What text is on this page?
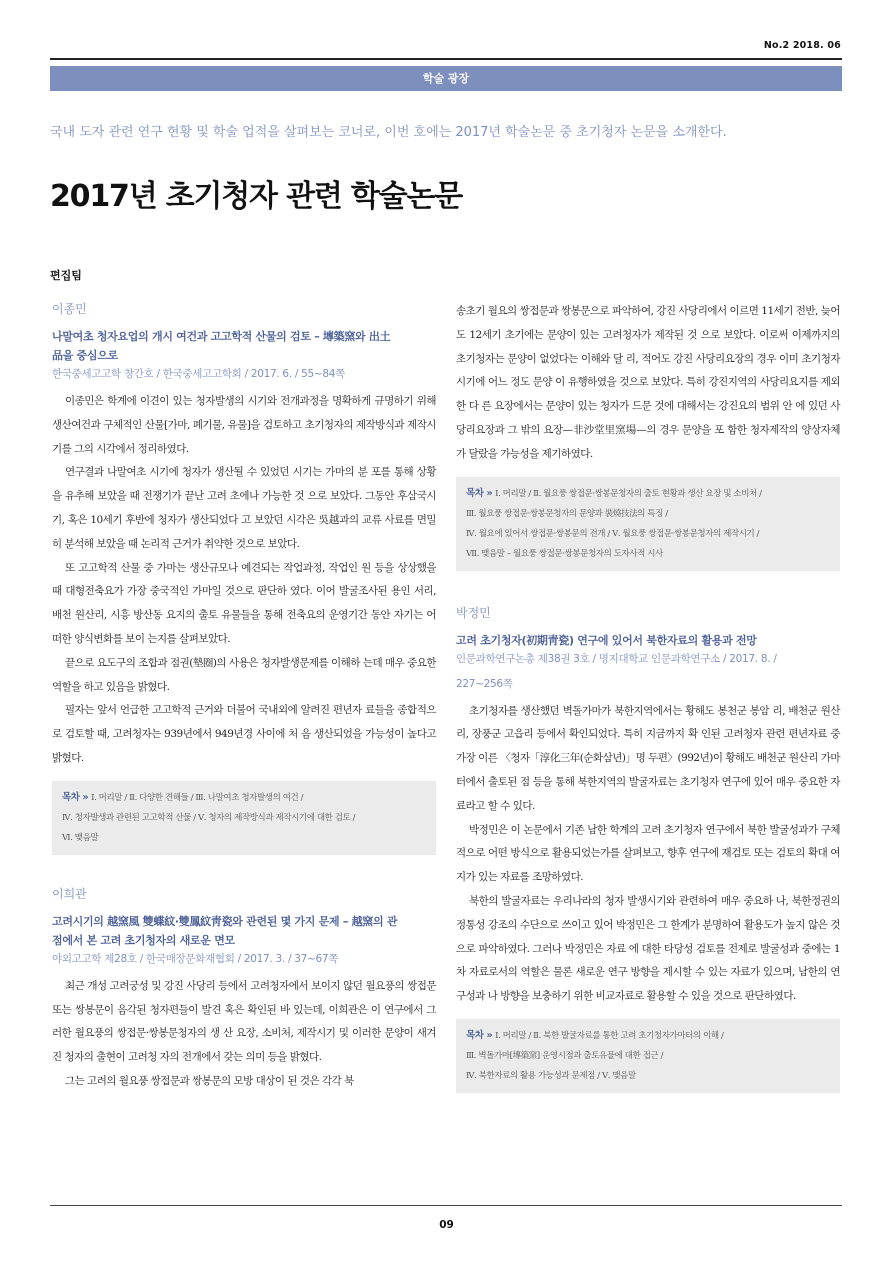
No.2 2018. 06
학술 광장
국내 도자 관련 연구 현황 및 학술 업적을 살펴보는 코너로, 이번 호에는 2017년 학술논문 중 초기청자 논문을 소개한다.
2017년 초기청자 관련 학술논문
편집팀
이종민
나말여초 청자요업의 개시 여건과 고고학적 산물의 검토 – 塼築窯와 出土
品을 중심으로
한국중세고고학 창간호 / 한국중세고고학회 / 2017. 6. / 55~84쪽

이종민은 학계에 이견이 있는 청자발생의 시기와 전개과정을 명확하게 규명하기 위해 생산여건과 구체적인 산물[가마, 폐기물, 유물]을 검토하고 초기청자의 제작방식과 제작시기를 그의 시각에서 정리하였다.

연구결과 나말여초 시기에 청자가 생산될 수 있었던 시기는 가마의 분 포를 통해 상황을 유추해 보았을 때 전쟁기가 끝난 고려 초에나 가능한 것 으로 보았다. 그동안 후삼국시기, 혹은 10세기 후반에 청자가 생산되었다 고 보았던 시각은 吳越과의 교류 사료를 면밀히 분석해 보았을 때 논리적 근거가 취약한 것으로 보았다.

또 고고학적 산물 중 가마는 생산규모나 예견되는 작업과정, 작업인 원 등을 상상했을 때 대형전축요가 가장 중국적인 가마일 것으로 판단하 였다. 이어 발굴조사된 용인 서리, 배천 원산리, 시흥 방산동 요지의 출토 유물들을 통해 전축요의 운영기간 동안 자기는 어떠한 양식변화를 보이 는지를 살펴보았다.

끝으로 요도구의 조합과 점권(墊圈)의 사용은 청자발생문제를 이해하 는데 매우 중요한 역할을 하고 있음을 밝혔다.

필자는 앞서 언급한 고고학적 근거와 더불어 국내외에 알려진 편년자 료들을 종합적으로 검토할 때, 고려청자는 939년에서 949년경 사이에 처 음 생산되었을 가능성이 높다고 밝혔다.

목차 » Ⅰ. 머리말 / Ⅱ. 다양한 견해들 / Ⅲ. 나말여초 청자발생의 여건 /
Ⅳ. 청자발생과 관련된 고고학적 산물 / Ⅴ. 청자의 제작방식과 제작시기에 대한 검토 /
Ⅵ. 맺음말
이희관
고려시기의 越窯風 雙蝶紋·雙鳳紋靑瓷와 관련된 몇 가지 문제 – 越窯의 관
점에서 본 고려 초기청자의 새로운 면모
야외고고학 제28호 / 한국매장문화재협회 / 2017. 3. / 37~67쪽

최근 개성 고려궁성 및 강진 사당리 등에서 고려청자에서 보이지 않던 월요풍의 쌍접문 또는 쌍봉문이 음각된 청자편들이 발견 혹은 확인된 바 있는데, 이희관은 이 연구에서 그러한 월요풍의 쌍접문·쌍봉문청자의 생 산 요장, 소비처, 제작시기 및 이러한 문양이 새겨진 청자의 출현이 고려청 자의 전개에서 갖는 의미 등을 밝혔다.

그는 고려의 월요풍 쌍접문과 쌍봉문의 모방 대상이 된 것은 각각 북

송초기 월요의 쌍접문과 쌍봉문으로 파악하여, 강진 사당리에서 이르면 11세기 전반, 늦어도 12세기 초기에는 문양이 있는 고려청자가 제작된 것 으로 보았다. 이로써 이제까지의 초기청자는 문양이 없었다는 이해와 달 리, 적어도 강진 사당리요장의 경우 이미 초기청자시기에 어느 정도 문양 이 유행하였을 것으로 보았다. 특히 강진지역의 사당리요지를 제외한 다 른 요장에서는 문양이 있는 청자가 드문 것에 대해서는 강진요의 범위 안 에 있던 사당리요장과 그 밖의 요장—非沙堂里窯場—의 경우 문양을 포 함한 청자제작의 양상자체가 달랐을 가능성을 제기하였다.

목차 » Ⅰ. 머리말 / Ⅱ. 월요풍 쌍접문·쌍봉문청자의 출토 현황과 생산 요장 및 소비처 /
Ⅲ. 월요풍 쌍접문·쌍봉문청자의 문양과 裝燒技法의 특징 /
Ⅳ. 월요에 있어서 쌍접문·쌍봉문의 전개 / Ⅴ. 월요풍 쌍접문·쌍봉문청자의 제작시기 /
Ⅶ. 맺음말 – 월요풍 쌍접문·쌍봉문청자의 도자사적 시사
박정민
고려 초기청자(初期靑瓷) 연구에 있어서 북한자료의 활용과 전망
인문과학연구논총 제38권 3호 / 명지대학교 인문과학연구소 / 2017. 8. /
227~256쪽

초기청자를 생산했던 벽돌가마가 북한지역에서는 황해도 봉천군 봉암 리, 배천군 원산리, 장풍군 고읍리 등에서 확인되었다. 특히 지금까지 확 인된 고려청자 관련 편년자료 중 가장 이른 〈청자「淳化三年(순화삼년)」명 두편〉(992년)이 황해도 배천군 원산리 가마터에서 출토된 점 등을 통해 북한지역의 발굴자료는 초기청자 연구에 있어 매우 중요한 자료라고 할 수 있다.

박정민은 이 논문에서 기존 남한 학계의 고려 초기청자 연구에서 북한 발굴성과가 구체적으로 어떤 방식으로 활용되었는가를 살펴보고, 향후 연구에 재검토 또는 검토의 확대 여지가 있는 자료를 조망하였다.

북한의 발굴자료는 우리나라의 청자 발생시기와 관련하여 매우 중요하 나, 북한정권의 정통성 강조의 수단으로 쓰이고 있어 박정민은 그 한계가 분명하여 활용도가 높지 않은 것으로 파악하였다. 그러나 박정민은 자료 에 대한 타당성 검토를 전제로 발굴성과 중에는 1차 자료로서의 역할은 물론 새로운 연구 방향을 제시할 수 있는 자료가 있으며, 남한의 연구성과 나 방향을 보충하기 위한 비교자료로 활용할 수 있을 것으로 판단하였다.

목차 » Ⅰ. 머리말 / Ⅱ. 북한 발굴자료를 통한 고려 초기청자가마터의 이해 /
Ⅲ. 벽돌가마[塼築窯] 운영시점과 출토유물에 대한 접근 /
Ⅳ. 북한자료의 활용 가능성과 문제점 / Ⅴ. 맺음말
09
